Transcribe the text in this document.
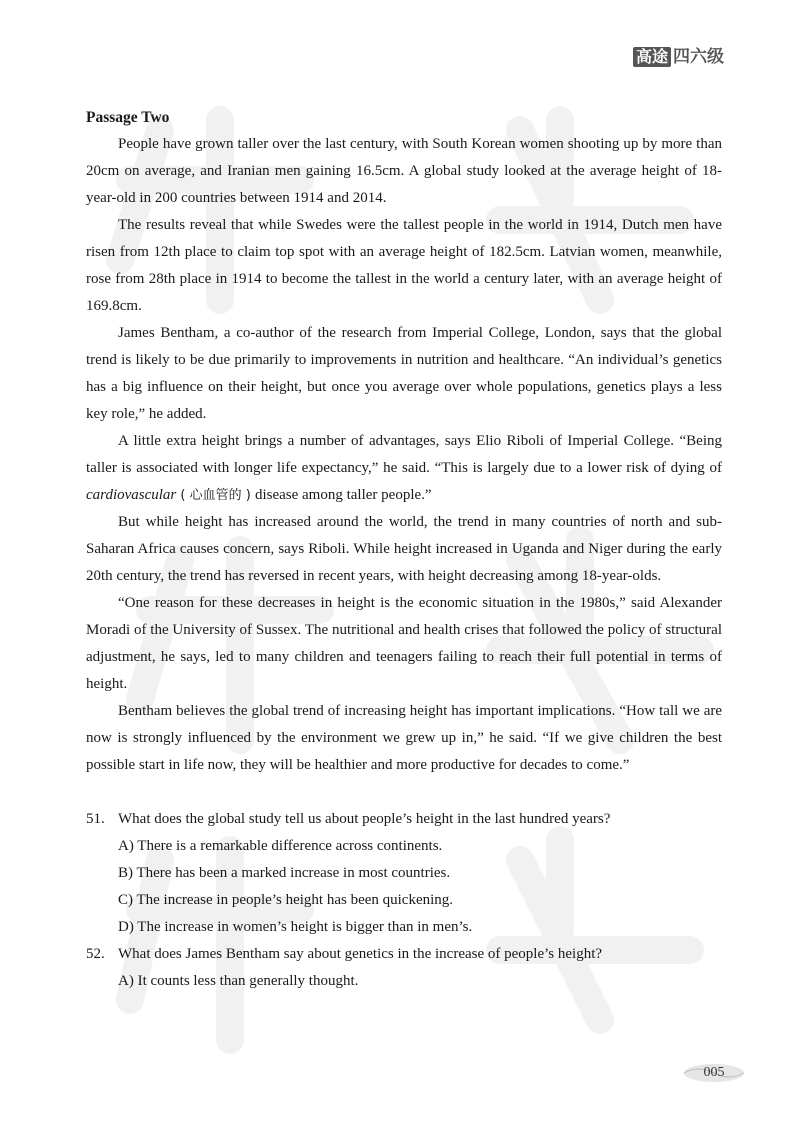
高途 四六级

Passage Two

People have grown taller over the last century, with South Korean women shooting up by more than 20cm on average, and Iranian men gaining 16.5cm. A global study looked at the average height of 18-year-old in 200 countries between 1914 and 2014.

The results reveal that while Swedes were the tallest people in the world in 1914, Dutch men have risen from 12th place to claim top spot with an average height of 182.5cm. Latvian women, meanwhile, rose from 28th place in 1914 to become the tallest in the world a century later, with an average height of 169.8cm.

James Bentham, a co-author of the research from Imperial College, London, says that the global trend is likely to be due primarily to improvements in nutrition and healthcare. “An individual’s genetics has a big influence on their height, but once you average over whole populations, genetics plays a less key role,” he added.

A little extra height brings a number of advantages, says Elio Riboli of Imperial College. “Being taller is associated with longer life expectancy,” he said. “This is largely due to a lower risk of dying of cardiovascular ( 心血管的 ) disease among taller people.”

But while height has increased around the world, the trend in many countries of north and sub-Saharan Africa causes concern, says Riboli. While height increased in Uganda and Niger during the early 20th century, the trend has reversed in recent years, with height decreasing among 18-year-olds.

“One reason for these decreases in height is the economic situation in the 1980s,” said Alexander Moradi of the University of Sussex. The nutritional and health crises that followed the policy of structural adjustment, he says, led to many children and teenagers failing to reach their full potential in terms of height.

Bentham believes the global trend of increasing height has important implications. “How tall we are now is strongly influenced by the environment we grew up in,” he said. “If we give children the best possible start in life now, they will be healthier and more productive for decades to come.”

51. What does the global study tell us about people’s height in the last hundred years?

A) There is a remarkable difference across continents.

B) There has been a marked increase in most countries.

C) The increase in people’s height has been quickening.

D) The increase in women’s height is bigger than in men’s.

52. What does James Bentham say about genetics in the increase of people’s height?

A) It counts less than generally thought.

005
